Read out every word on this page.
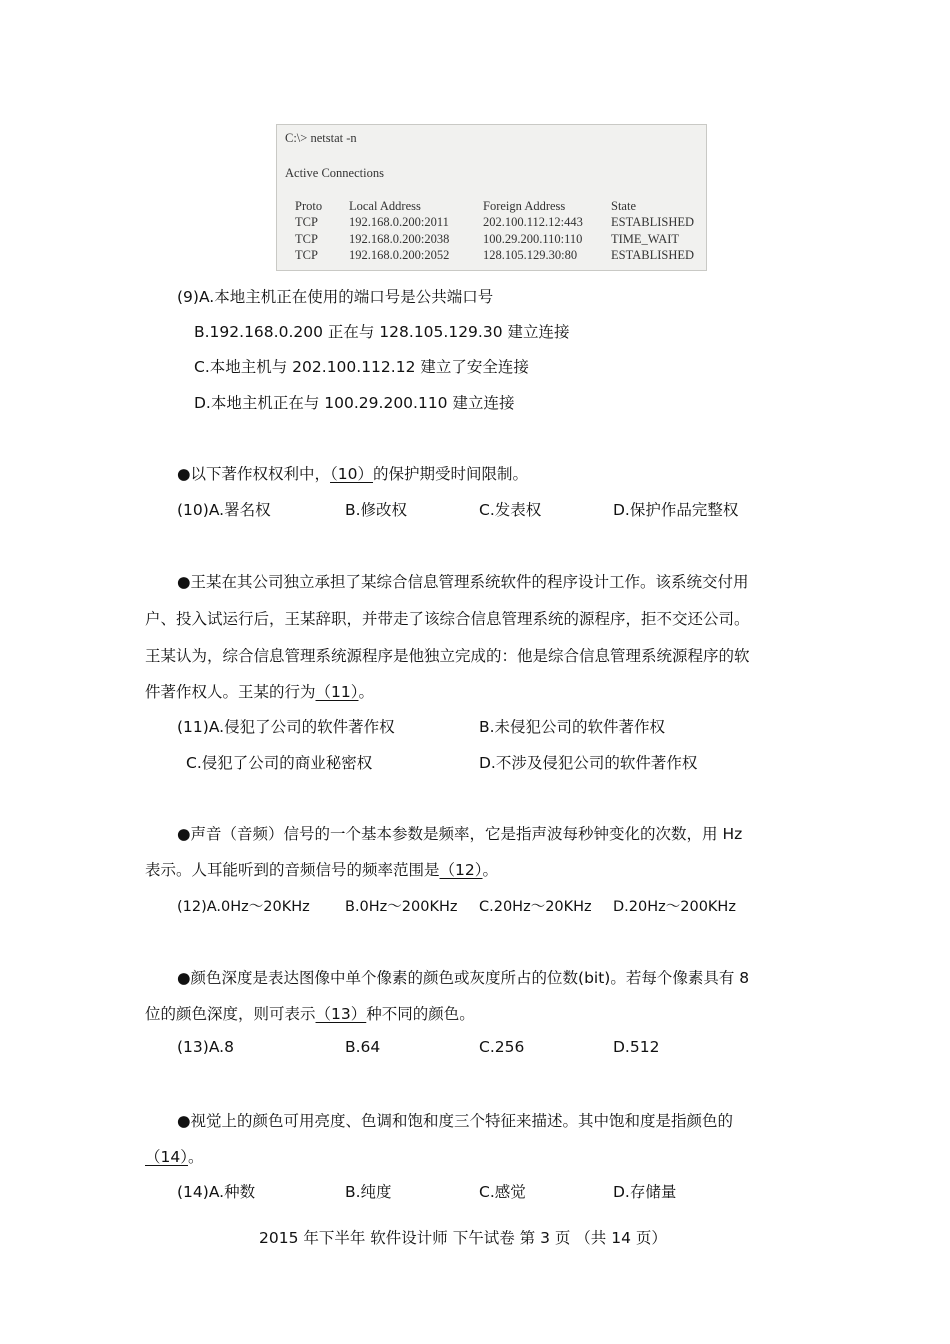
C:\> netstat -n
Active Connections
Proto Local Address	Foreign Address	State
TCP 192.168.0.200:2011	202.100.112.12:443 ESTABLISHED
TCP 192.168.0.200:2038	100.29.200.110:110 TIME_WAIT
TCP 192.168.0.200:2052	128.105.129.30:80	ESTABLISHED
(9)A.本地主机正在使用的端口号是公共端口号
B.192.168.0.200 正在与 128.105.129.30 建立连接
C.本地主机与 202.100.112.12 建立了安全连接
D.本地主机正在与 100.29.200.110 建立连接
●以下著作权权利中，（10）的保护期受时间限制。
(10)A.署名权	B.修改权	C.发表权	D.保护作品完整权
●王某在其公司独立承担了某综合信息管理系统软件的程序设计工作。该系统交付用
户、投入试运行后，王某辞职，并带走了该综合信息管理系统的源程序，拒不交还公司。
王某认为，综合信息管理系统源程序是他独立完成的：他是综合信息管理系统源程序的软
件著作权人。王某的行为（11）。
(11)A.侵犯了公司的软件著作权	B.未侵犯公司的软件著作权
C.侵犯了公司的商业秘密权	D.不涉及侵犯公司的软件著作权
●声音（音频）信号的一个基本参数是频率，它是指声波每秒钟变化的次数，用 Hz
表示。人耳能听到的音频信号的频率范围是（12）。
(12)A.0Hz～20KHz B.0Hz～200KHz C.20Hz～20KHz D.20Hz～200KHz
●颜色深度是表达图像中单个像素的颜色或灰度所占的位数(bit)。若每个像素具有 8
位的颜色深度，则可表示（13）种不同的颜色。
(13)A.8	B.64	C.256	D.512
●视觉上的颜色可用亮度、色调和饱和度三个特征来描述。其中饱和度是指颜色的
（14）。
(14)A.种数	B.纯度	C.感觉	D.存储量
2015 年下半年 软件设计师 下午试卷 第 3 页 （共 14 页）
